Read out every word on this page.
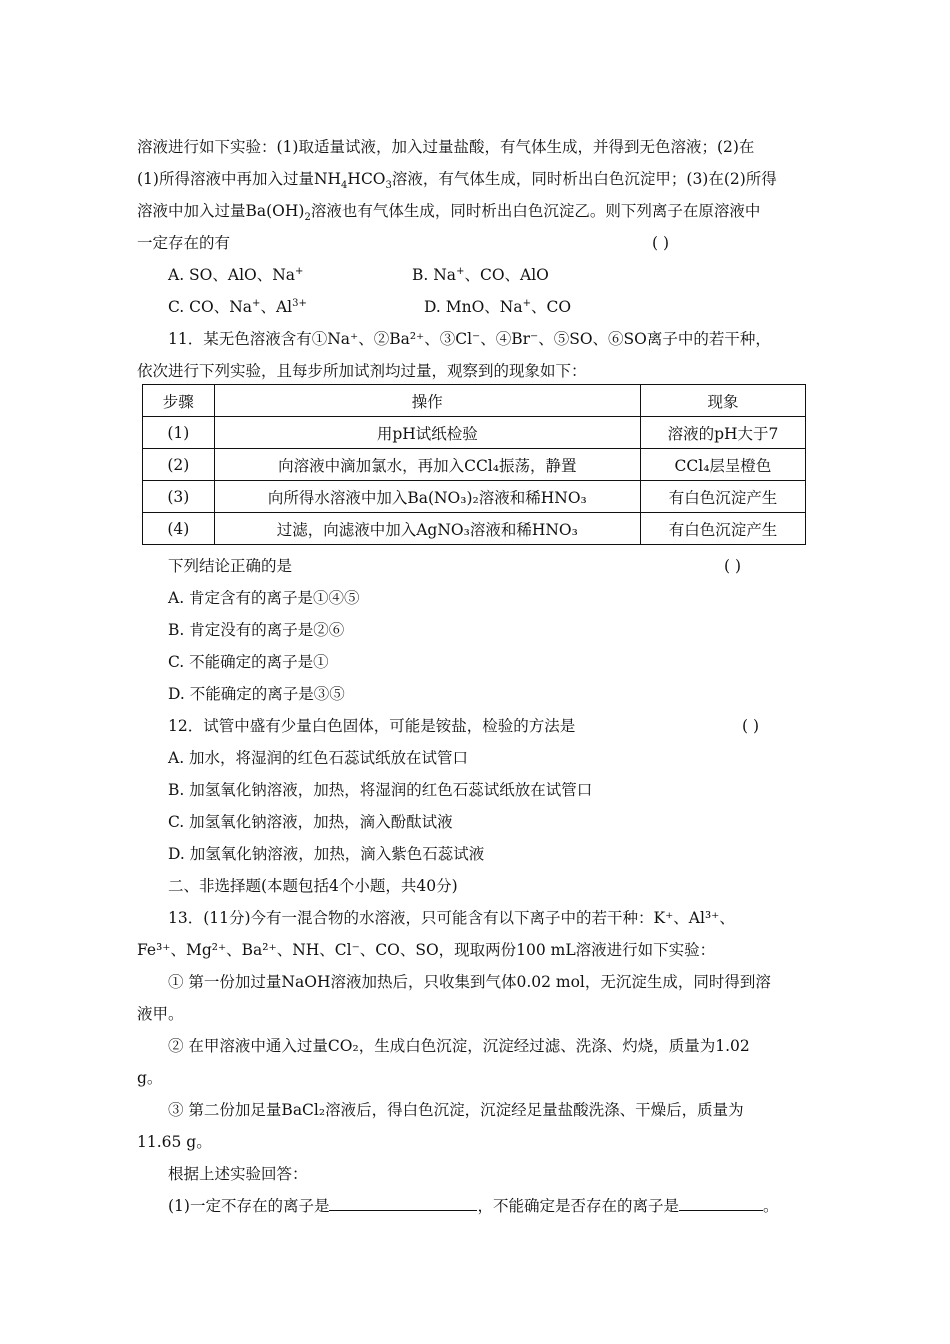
溶液进行如下实验：(1)取适量试液，加入过量盐酸，有气体生成，并得到无色溶液；(2)在
(1)所得溶液中再加入过量$NH_4HCO_3$溶液，有气体生成，同时析出白色沉淀甲；(3)在(2)所得
溶液中加入过量$Ba(OH)_2$溶液也有气体生成，同时析出白色沉淀乙。则下列离子在原溶液中
一定存在的有	( )
A. SO、AlO、Na+	B. Na+、CO、AlO
C. CO、Na+、$Al^{3+}$	D. MnO、Na+、CO
11．某无色溶液含有①Na⁺、②Ba²⁺、③Cl⁻、④Br⁻、⑤SO、⑥SO离子中的若干种，
依次进行下列实验，且每步所加试剂均过量，观察到的现象如下：
步骤	操作	现象
(1)	用pH试纸检验	溶液的pH大于7
(2)	向溶液中滴加氯水，再加入CCl₄振荡，静置	CCl₄层呈橙色
(3)	向所得水溶液中加入Ba(NO₃)₂溶液和稀HNO₃	有白色沉淀产生
(4)	过滤，向滤液中加入AgNO₃溶液和稀HNO₃	有白色沉淀产生
下列结论正确的是	( )
A. 肯定含有的离子是①④⑤
B. 肯定没有的离子是②⑥
C. 不能确定的离子是①
D. 不能确定的离子是③⑤
12．试管中盛有少量白色固体，可能是铵盐，检验的方法是	( )
A. 加水，将湿润的红色石蕊试纸放在试管口
B. 加氢氧化钠溶液，加热，将湿润的红色石蕊试纸放在试管口
C. 加氢氧化钠溶液，加热，滴入酚酞试液
D. 加氢氧化钠溶液，加热，滴入紫色石蕊试液
二、非选择题(本题包括4个小题，共40分)
13．(11分)今有一混合物的水溶液，只可能含有以下离子中的若干种：K⁺、Al³⁺、
Fe³⁺、Mg²⁺、Ba²⁺、NH、Cl⁻、CO、SO，现取两份100 mL溶液进行如下实验：
① 第一份加过量NaOH溶液加热后，只收集到气体0.02 mol，无沉淀生成，同时得到溶
液甲。
② 在甲溶液中通入过量CO₂，生成白色沉淀，沉淀经过滤、洗涤、灼烧，质量为1.02
g。
③ 第二份加足量BaCl₂溶液后，得白色沉淀，沉淀经足量盐酸洗涤、干燥后，质量为
11.65 g。
根据上述实验回答：
(1)一定不存在的离子是	，不能确定是否存在的离子是	。
